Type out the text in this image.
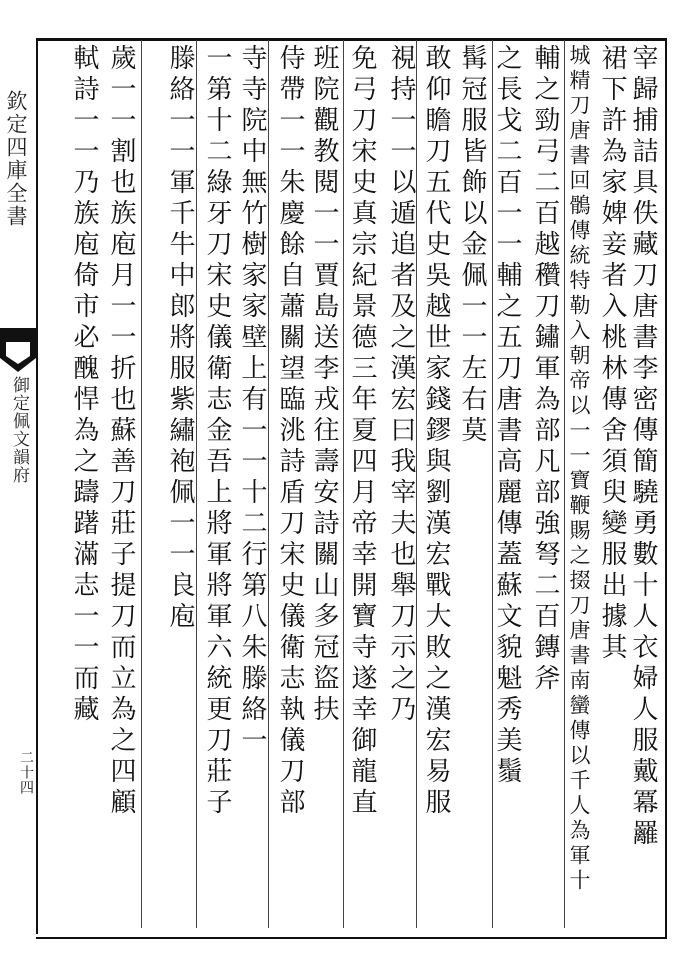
欽定四庫全書
御定佩文韻府
二十四	宰歸捕詰具佚藏刀唐書李密傳簡驍勇數十人衣婦人服戴冪䍦
裙下許為家婢妾者入桃林傳舍須臾變服出據其
城精刀唐書回鶻傳統特勒入朝帝以一一寶鞭賜之掇刀唐書南蠻傳以千人為軍十
輔之勁弓二百越穳刀鏽軍為部凡部強弩二百鏄斧
之長戈二百一一輔之五刀唐書高麗傳蓋蘇文貌魁秀美鬚
髯冠服皆飾以金佩一一左右莫
敢仰瞻刀五代史吳越世家錢鏐與劉漢宏戰大敗之漢宏易服
視持一一以遁追者及之漢宏曰我宰夫也舉刀示之乃
免弓刀宋史真宗紀景德三年夏四月帝幸開寶寺遂幸御龍直
班院觀教閱一一賈島送李戎往壽安詩關山多冠盜扶
侍帶一一朱慶餘自蕭關望臨洮詩盾刀宋史儀衛志執儀刀部
寺寺院中無竹樹家家壁上有一一十二行第八朱滕絡一
一第十二綠牙刀宋史儀衛志金吾上將軍將軍六統更刀莊子
滕絡一一軍千牛中郎將服紫繡袍佩一一良庖
歲一一割也族庖月一一折也蘇善刀莊子提刀而立為之四顧
軾詩一一乃族庖倚市必醜悍為之躊躇滿志一一而藏
